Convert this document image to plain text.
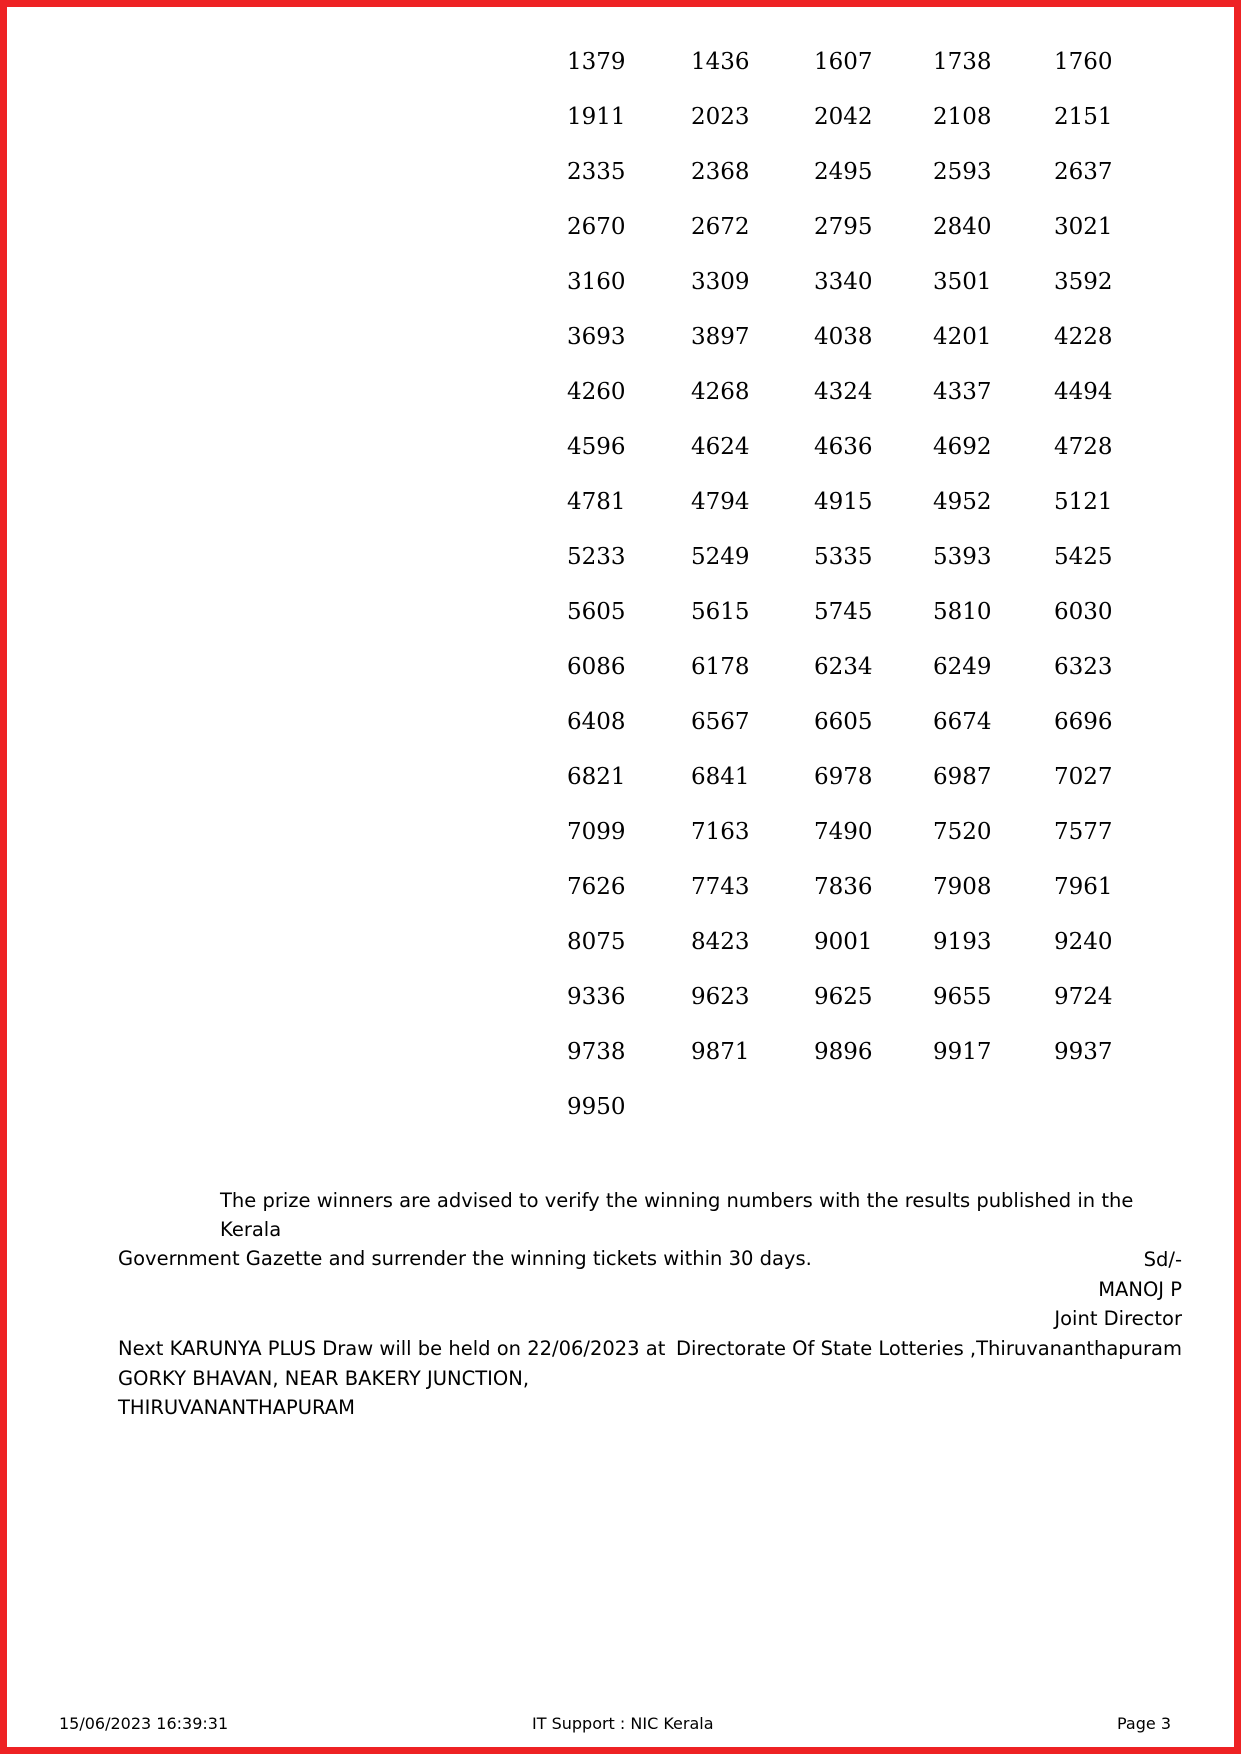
1379	1436	1607	1738	1760
1911	2023	2042	2108	2151
2335	2368	2495	2593	2637
2670	2672	2795	2840	3021
3160	3309	3340	3501	3592
3693	3897	4038	4201	4228
4260	4268	4324	4337	4494
4596	4624	4636	4692	4728
4781	4794	4915	4952	5121
5233	5249	5335	5393	5425
5605	5615	5745	5810	6030
6086	6178	6234	6249	6323
6408	6567	6605	6674	6696
6821	6841	6978	6987	7027
7099	7163	7490	7520	7577
7626	7743	7836	7908	7961
8075	8423	9001	9193	9240
9336	9623	9625	9655	9724
9738	9871	9896	9917	9937
9950
The prize winners are advised to verify the winning numbers with the results published in the Kerala
Government Gazette and surrender the winning tickets within 30 days.	Sd/-
MANOJ P
Joint Director
Directorate Of State Lotteries ,Thiruvananthapuram
Next KARUNYA PLUS Draw will be held on 22/06/2023 at
GORKY BHAVAN, NEAR BAKERY JUNCTION,
THIRUVANANTHAPURAM
15/06/2023 16:39:31	IT Support : NIC Kerala	Page 3
